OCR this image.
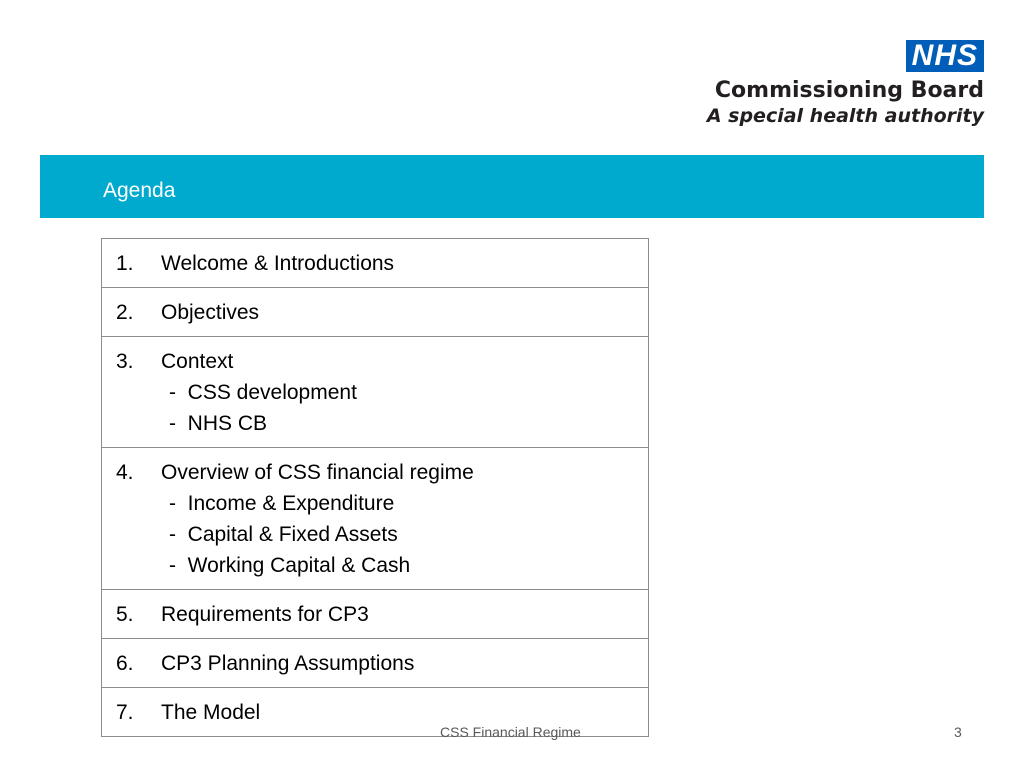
NHS
Commissioning Board
A special health authority
Agenda
1.	Welcome & Introductions

2.	Objectives

3.	Context
-  CSS development
-  NHS CB

4.	Overview of CSS financial regime
-  Income & Expenditure
-  Capital & Fixed Assets
-  Working Capital & Cash

5.	Requirements for CP3

6.	CP3 Planning Assumptions

7.	The Model
CSS Financial Regime	3
